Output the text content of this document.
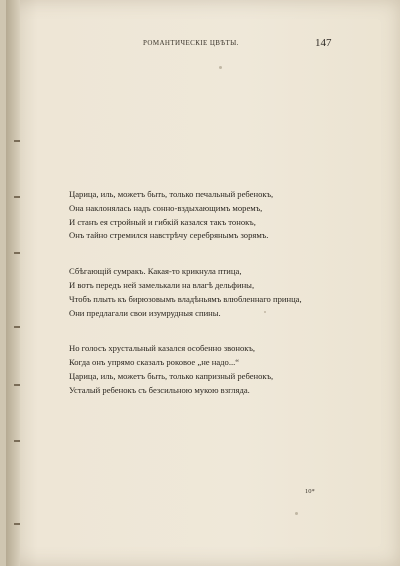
РОМАНТИЧЕСКІЕ ЦВѢТЫ.	147

Царица, иль, можетъ быть, только печальный ребенокъ,
Она наклонялась надъ сонно-вздыхающимъ моремъ,
И станъ ея стройный и гибкій казался такъ тонокъ,
Онъ тайно стремился навстрѣчу серебрянымъ зорямъ.

Сбѣгающій сумракъ. Какая-то крикнула птица,
И вотъ передъ ней замелькали на влагѣ дельфины,
Чтобъ плыть къ бирюзовымъ владѣньямъ влюбленнаго принца,
Они предлагали свои изумрудныя спины.

Но голосъ хрустальный казался особенно звонокъ,
Когда онъ упрямо сказалъ роковое „не надо...“
Царица, иль, можетъ быть, только капризный ребенокъ,
Усталый ребенокъ съ безсильною мукою взгляда.

10*
